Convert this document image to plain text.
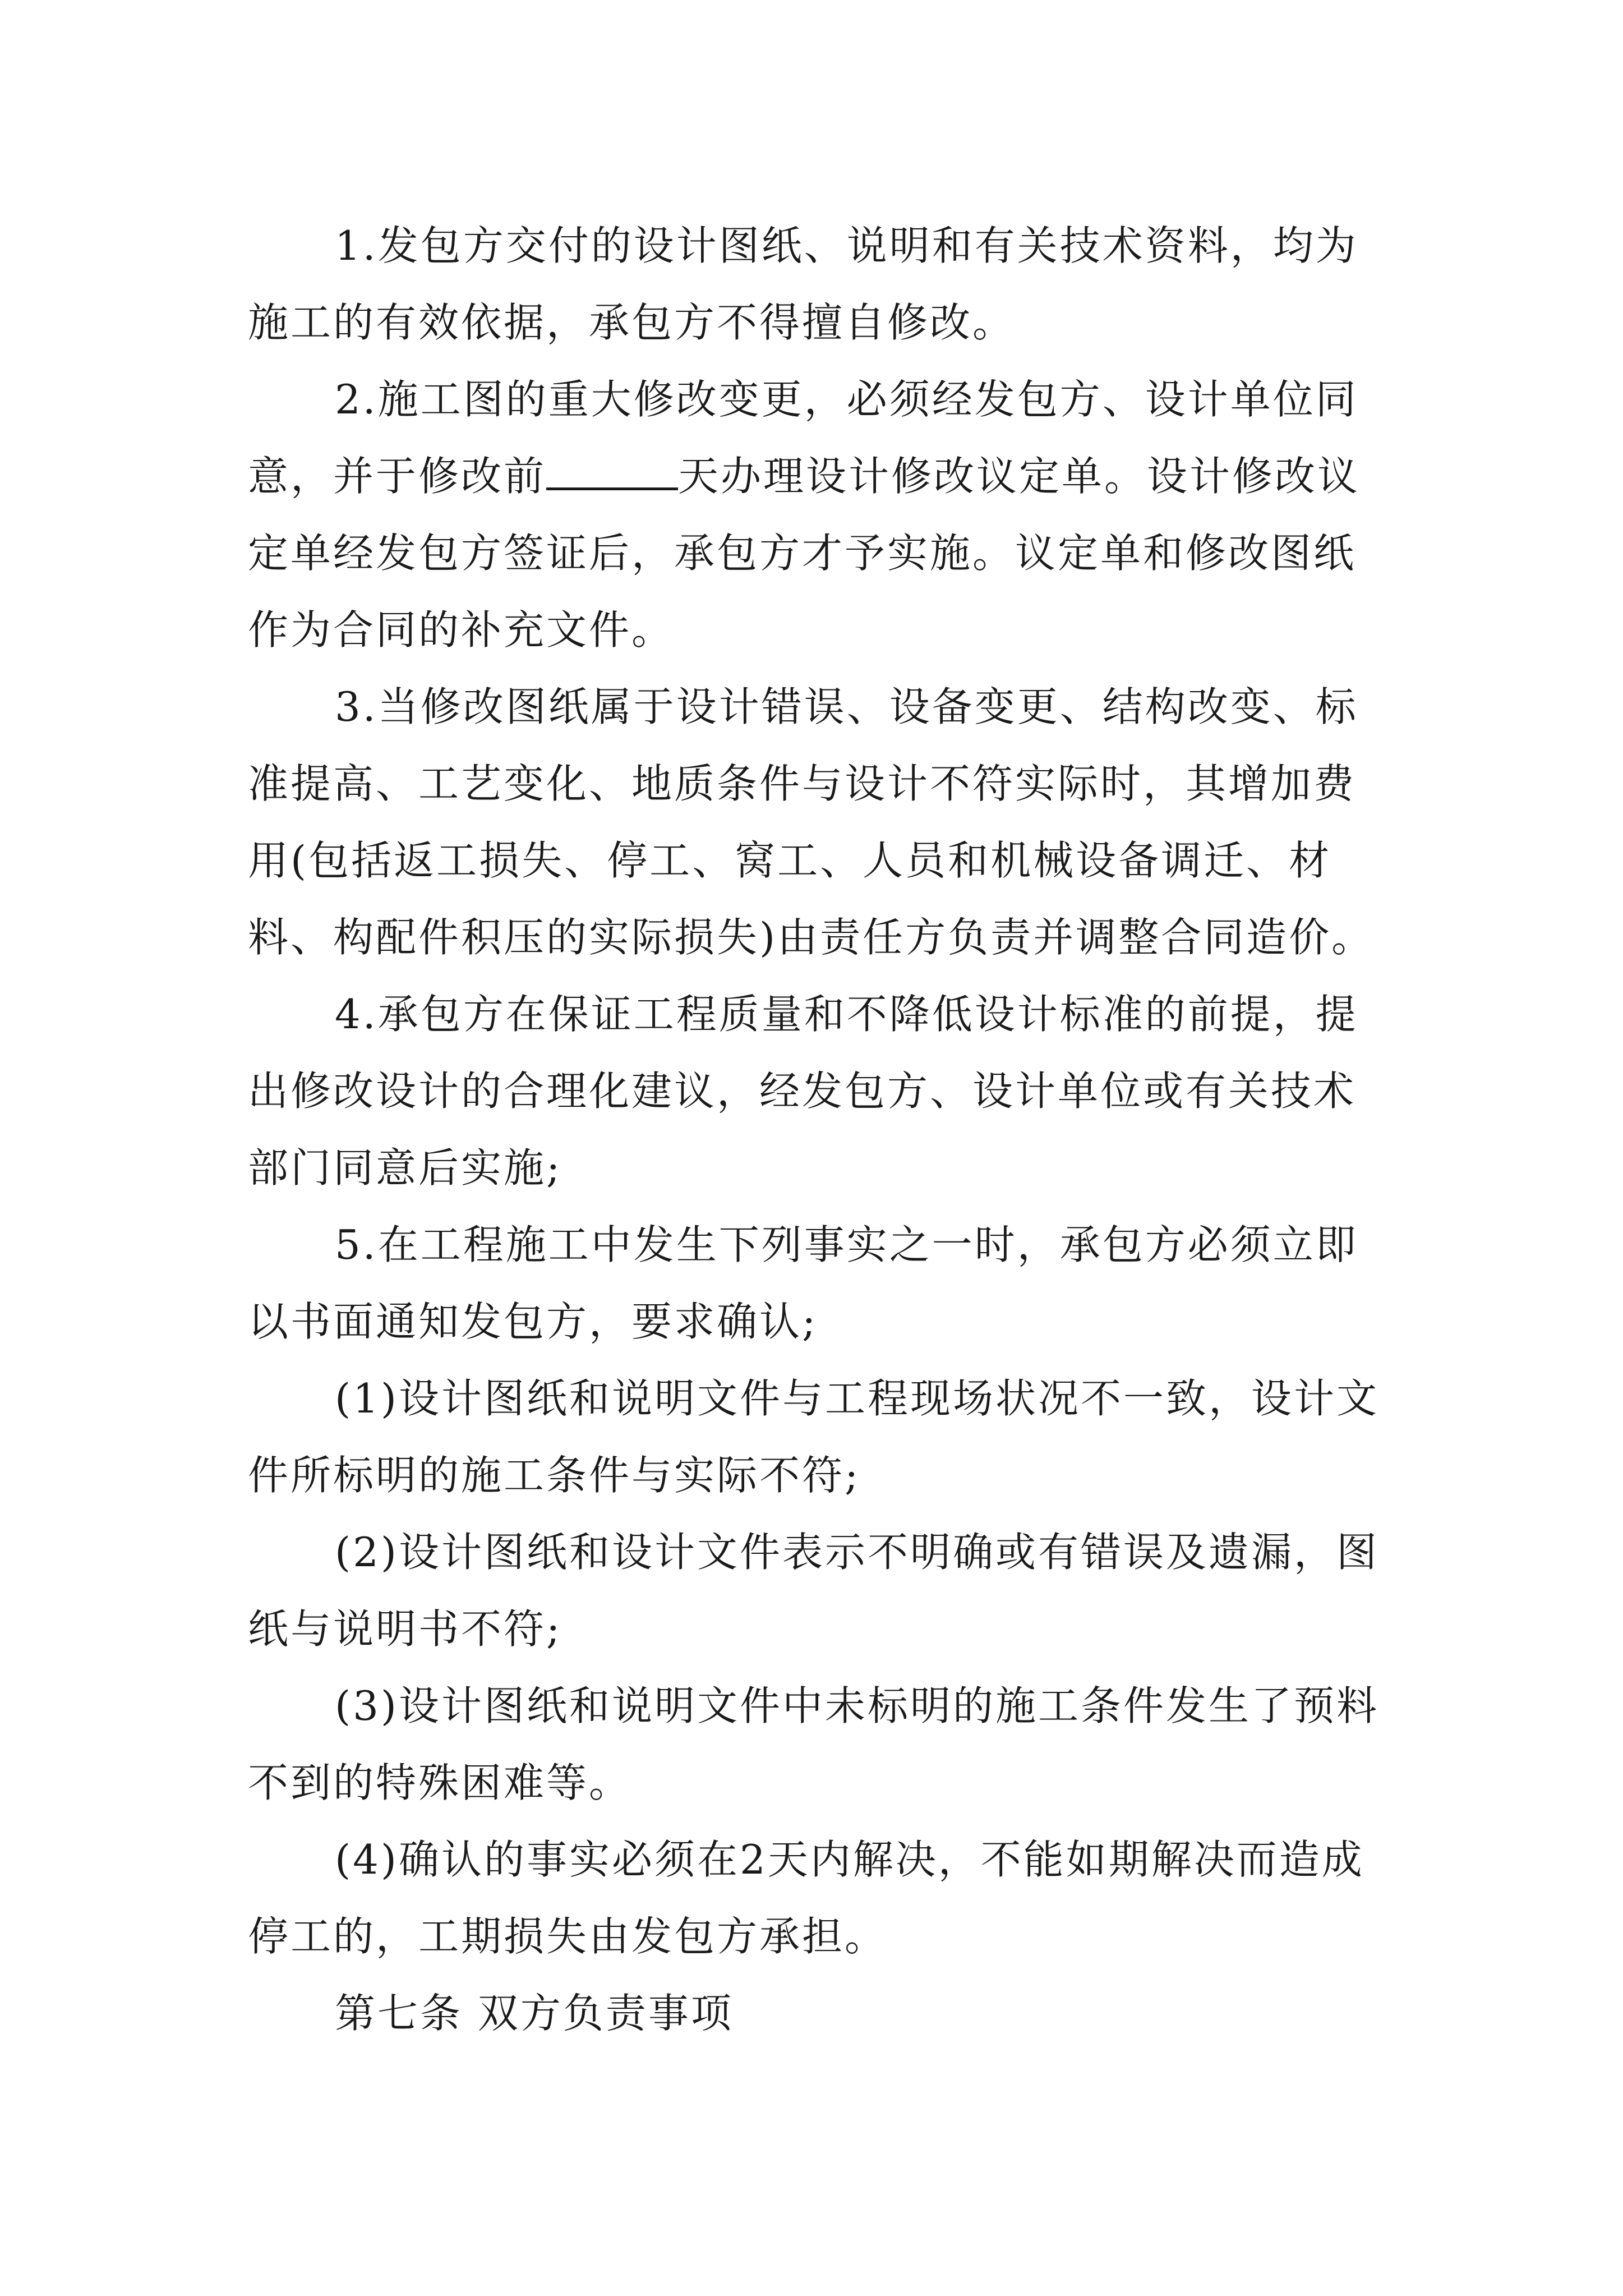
1.发包方交付的设计图纸、说明和有关技术资料，均为施工的有效依据，承包方不得擅自修改。

2.施工图的重大修改变更，必须经发包方、设计单位同意，并于修改前	天办理设计修改议定单。设计修改议定单经发包方签证后，承包方才予实施。议定单和修改图纸作为合同的补充文件。

3.当修改图纸属于设计错误、设备变更、结构改变、标准提高、工艺变化、地质条件与设计不符实际时，其增加费用(包括返工损失、停工、窝工、人员和机械设备调迁、材料、构配件积压的实际损失)由责任方负责并调整合同造价。

4.承包方在保证工程质量和不降低设计标准的前提，提出修改设计的合理化建议，经发包方、设计单位或有关技术部门同意后实施;

5.在工程施工中发生下列事实之一时，承包方必须立即以书面通知发包方，要求确认;

(1)设计图纸和说明文件与工程现场状况不一致，设计文件所标明的施工条件与实际不符;

(2)设计图纸和设计文件表示不明确或有错误及遗漏，图纸与说明书不符;

(3)设计图纸和说明文件中未标明的施工条件发生了预料不到的特殊困难等。

(4)确认的事实必须在2天内解决，不能如期解决而造成停工的，工期损失由发包方承担。

第七条 双方负责事项
